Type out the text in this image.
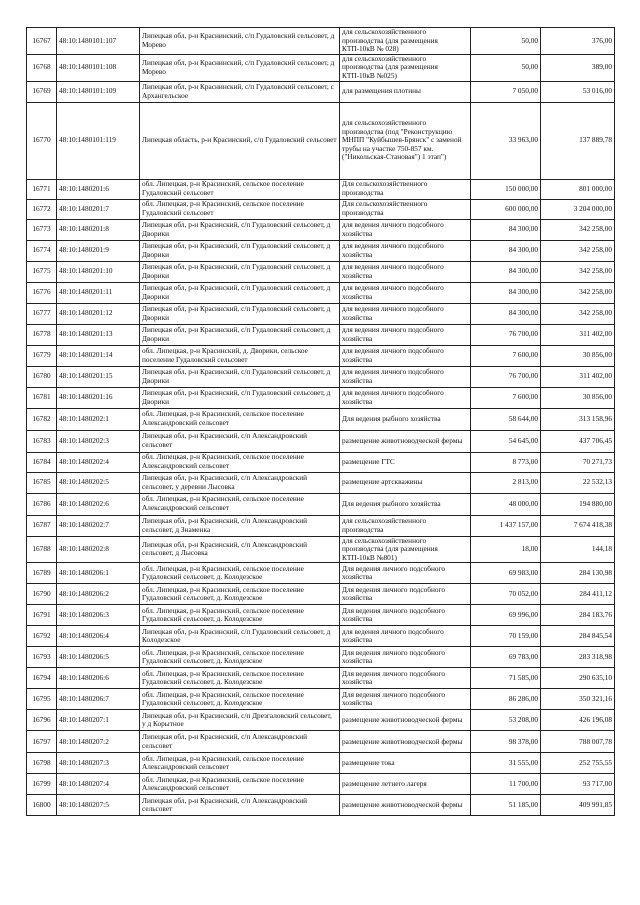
16767	48:10:1480101:107	Липецкая обл, р-н Краснинский, с/п Гудаловский сельсовет, д Морево	для сельскохозяйственного производства (для размещения КТП-10кВ № 028)	50,00	376,00
16768	48:10:1480101:108	Липецкая обл, р-н Краснинский, с/п Гудаловский сельсовет, д Морево	для сельскохозяйственного производства (для размещения КТП-10кВ №025)	50,00	389,00
16769	48:10:1480101:109	Липецкая обл, р-н Краснинский, с/п Гудаловский сельсовет, с Архангельское	для размещения плотины	7 050,00	53 016,00
16770	48:10:1480101:119	Липецкая область, р-н Красинский, с/п Гудаловский сельсовет	для сельскохозяйственного производства (под "Реконструкцию МНПП "Куйбышев-Брянск" с заменой трубы на участке 750-857 км. ("Никольская-Становая") 1 этап")	33 963,00	137 889,78
16771	48:10:1480201:6	обл. Липецкая, р-н Красинский, сельское поселение Гудаловский сельсовет	Для сельскохозяйственного производства	150 000,00	801 000,00
16772	48:10:1480201:7	обл. Липецкая, р-н Красинский, сельское поселение Гудаловский сельсовет	Для сельскохозяйственного производства	600 000,00	3 204 000,00
16773	48:10:1480201:8	Липецкая обл, р-н Красинский, с/п Гудаловский сельсовет, д Дворики	для ведения личного подсобного хозяйства	84 300,00	342 258,00
16774	48:10:1480201:9	Липецкая обл, р-н Красинский, с/п Гудаловский сельсовет, д Дворики	для ведения личного подсобного хозяйства	84 300,00	342 258,00
16775	48:10:1480201:10	Липецкая обл, р-н Красинский, с/п Гудаловский сельсовет, д Дворики	для ведения личного подсобного хозяйства	84 300,00	342 258,00
16776	48:10:1480201:11	Липецкая обл, р-н Красинский, с/п Гудаловский сельсовет, д Дворики	для ведения личного подсобного хозяйства	84 300,00	342 258,00
16777	48:10:1480201:12	Липецкая обл, р-н Красинский, с/п Гудаловский сельсовет, д Дворики	для ведения личного подсобного хозяйства	84 300,00	342 258,00
16778	48:10:1480201:13	Липецкая обл, р-н Красинский, с/п Гудаловский сельсовет, д Дворики	для ведения личного подсобного хозяйства	76 700,00	311 402,00
16779	48:10:1480201:14	обл. Липецкая, р-н Красинский, д. Дворики, сельское поселение Гудаловский сельсовет	для ведения личного подсобного хозяйства	7 600,00	30 856,00
16780	48:10:1480201:15	Липецкая обл, р-н Красинский, с/п Гудаловский сельсовет, д Дворики	для ведения личного подсобного хозяйства	76 700,00	311 402,00
16781	48:10:1480201:16	Липецкая обл, р-н Красинский, с/п Гудаловский сельсовет, д Дворики	для ведения личного подсобного хозяйства	7 600,00	30 856,00
16782	48:10:1480202:1	обл. Липецкая, р-н Красинский, сельское поселение Александровский сельсовет	Для ведения рыбного хозяйства	58 644,00	313 158,96
16783	48:10:1480202:3	Липецкая обл, р-н Красинский, с/п Александровский сельсовет	размещение животноводческой фермы	54 645,00	437 706,45
16784	48:10:1480202:4	обл. Липецкая, р-н Красинский, сельское поселение Александровский сельсовет	размещение ГТС	8 773,00	70 271,73
16785	48:10:1480202:5	Липецкая обл, р-н Красинский, с/п Александровский сельсовет, у деревни Лысовка	размещение артскважины	2 813,00	22 532,13
16786	48:10:1480202:6	обл. Липецкая, р-н Красинский, сельское поселение Александровский сельсовет	Для ведения рыбного хозяйства	48 000,00	194 880,00
16787	48:10:1480202:7	Липецкая обл, р-н Красинский, с/п Александровский сельсовет, д Знаменка	для сельскохозяйственного производства	1 437 157,00	7 674 418,38
16788	48:10:1480202:8	Липецкая обл, р-н Красинский, с/п Александровский сельсовет, д Лысовка	для сельскохозяйственного производства (для размещения КТП-10кВ №801)	18,00	144,18
16789	48:10:1480206:1	обл. Липецкая, р-н Красинский, сельское поселение Гудаловский сельсовет, д. Колодезское	Для ведения личного подсобного хозяйства	69 983,00	284 130,98
16790	48:10:1480206:2	обл. Липецкая, р-н Красинский, сельское поселение Гудаловский сельсовет, д. Колодезское	Для ведения личного подсобного хозяйства	70 052,00	284 411,12
16791	48:10:1480206:3	обл. Липецкая, р-н Красинский, сельское поселение Гудаловский сельсовет, д. Колодезское	Для ведения личного подсобного хозяйства	69 996,00	284 183,76
16792	48:10:1480206:4	Липецкая обл, р-н Красинский, с/п Гудаловский сельсовет, д Колодезское	для ведения личного подсобного хозяйства	70 159,00	284 845,54
16793	48:10:1480206:5	обл. Липецкая, р-н Красинский, сельское поселение Гудаловский сельсовет, д. Колодезское	Для ведения личного подсобного хозяйства	69 783,00	283 318,98
16794	48:10:1480206:6	обл. Липецкая, р-н Красинский, сельское поселение Гудаловский сельсовет, д. Колодезское	Для ведения личного подсобного хозяйства	71 585,00	290 635,10
16795	48:10:1480206:7	обл. Липецкая, р-н Красинский, сельское поселение Гудаловский сельсовет, д. Колодезское	Для ведения личного подсобного хозяйства	86 286,00	350 321,16
16796	48:10:1480207:1	Липецкая обл, р-н Красинский, с/п Дрезгаловский сельсовет, у д Корытное	размещение животноводческой фермы	53 208,00	426 196,08
16797	48:10:1480207:2	Липецкая обл, р-н Красинский, с/п Александровский сельсовет	размещение животноводческой фермы	98 378,00	788 007,78
16798	48:10:1480207:3	обл. Липецкая, р-н Красинский, сельское поселение Александровский сельсовет	размещение тока	31 555,00	252 755,55
16799	48:10:1480207:4	обл. Липецкая, р-н Красинский, сельское поселение Александровский сельсовет	размещение летнего лагеря	11 700,00	93 717,00
16800	48:10:1480207:5	Липецкая обл, р-н Красинский, с/п Александровский сельсовет	размещение животноводческой фермы	51 185,00	409 991,85
